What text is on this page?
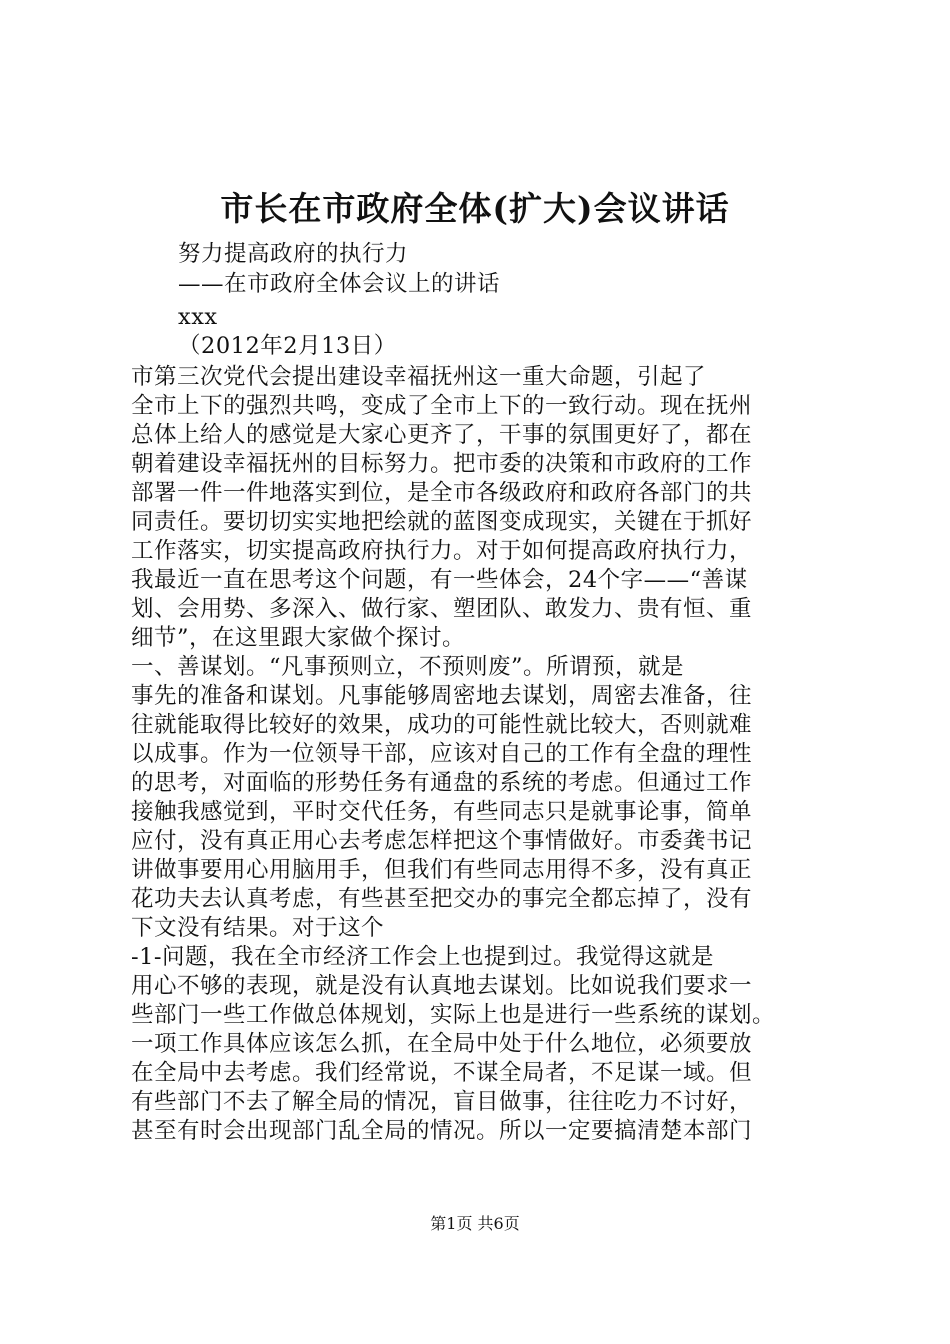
市长在市政府全体(扩大)会议讲话
努力提高政府的执行力
——在市政府全体会议上的讲话
xxx
（2012年2月13日）
市第三次党代会提出建设幸福抚州这一重大命题，引起了
全市上下的强烈共鸣，变成了全市上下的一致行动。现在抚州
总体上给人的感觉是大家心更齐了，干事的氛围更好了，都在
朝着建设幸福抚州的目标努力。把市委的决策和市政府的工作
部署一件一件地落实到位，是全市各级政府和政府各部门的共
同责任。要切切实实地把绘就的蓝图变成现实，关键在于抓好
工作落实，切实提高政府执行力。对于如何提高政府执行力，
我最近一直在思考这个问题，有一些体会，24个字——“善谋
划、会用势、多深入、做行家、塑团队、敢发力、贵有恒、重
细节”，在这里跟大家做个探讨。
一、善谋划。“凡事预则立，不预则废”。所谓预，就是
事先的准备和谋划。凡事能够周密地去谋划，周密去准备，往
往就能取得比较好的效果，成功的可能性就比较大，否则就难
以成事。作为一位领导干部，应该对自己的工作有全盘的理性
的思考，对面临的形势任务有通盘的系统的考虑。但通过工作
接触我感觉到，平时交代任务，有些同志只是就事论事，简单
应付，没有真正用心去考虑怎样把这个事情做好。市委龚书记
讲做事要用心用脑用手，但我们有些同志用得不多，没有真正
花功夫去认真考虑，有些甚至把交办的事完全都忘掉了，没有
下文没有结果。对于这个
-1-问题，我在全市经济工作会上也提到过。我觉得这就是
用心不够的表现，就是没有认真地去谋划。比如说我们要求一
些部门一些工作做总体规划，实际上也是进行一些系统的谋划。
一项工作具体应该怎么抓，在全局中处于什么地位，必须要放
在全局中去考虑。我们经常说，不谋全局者，不足谋一域。但
有些部门不去了解全局的情况，盲目做事，往往吃力不讨好，
甚至有时会出现部门乱全局的情况。所以一定要搞清楚本部门
第1页 共6页
